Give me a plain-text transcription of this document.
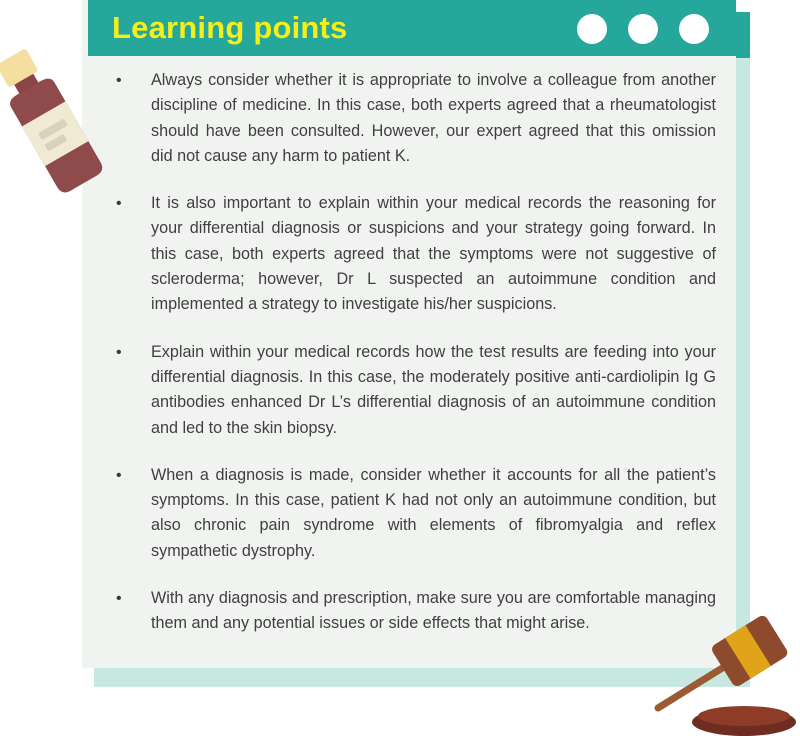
Learning points
• Always consider whether it is appropriate to involve a colleague from another discipline of medicine. In this case, both experts agreed that a rheumatologist should have been consulted. However, our expert agreed that this omission did not cause any harm to patient K.
• It is also important to explain within your medical records the reasoning for your differential diagnosis or suspicions and your strategy going forward. In this case, both experts agreed that the symptoms were not suggestive of scleroderma; however, Dr L suspected an autoimmune condition and implemented a strategy to investigate his/her suspicions.
• Explain within your medical records how the test results are feeding into your differential diagnosis. In this case, the moderately positive anti-cardiolipin Ig G antibodies enhanced Dr L’s differential diagnosis of an autoimmune condition and led to the skin biopsy.
• When a diagnosis is made, consider whether it accounts for all the patient’s symptoms. In this case, patient K had not only an autoimmune condition, but also chronic pain syndrome with elements of fibromyalgia and reflex sympathetic dystrophy.
• With any diagnosis and prescription, make sure you are comfortable managing them and any potential issues or side effects that might arise.
